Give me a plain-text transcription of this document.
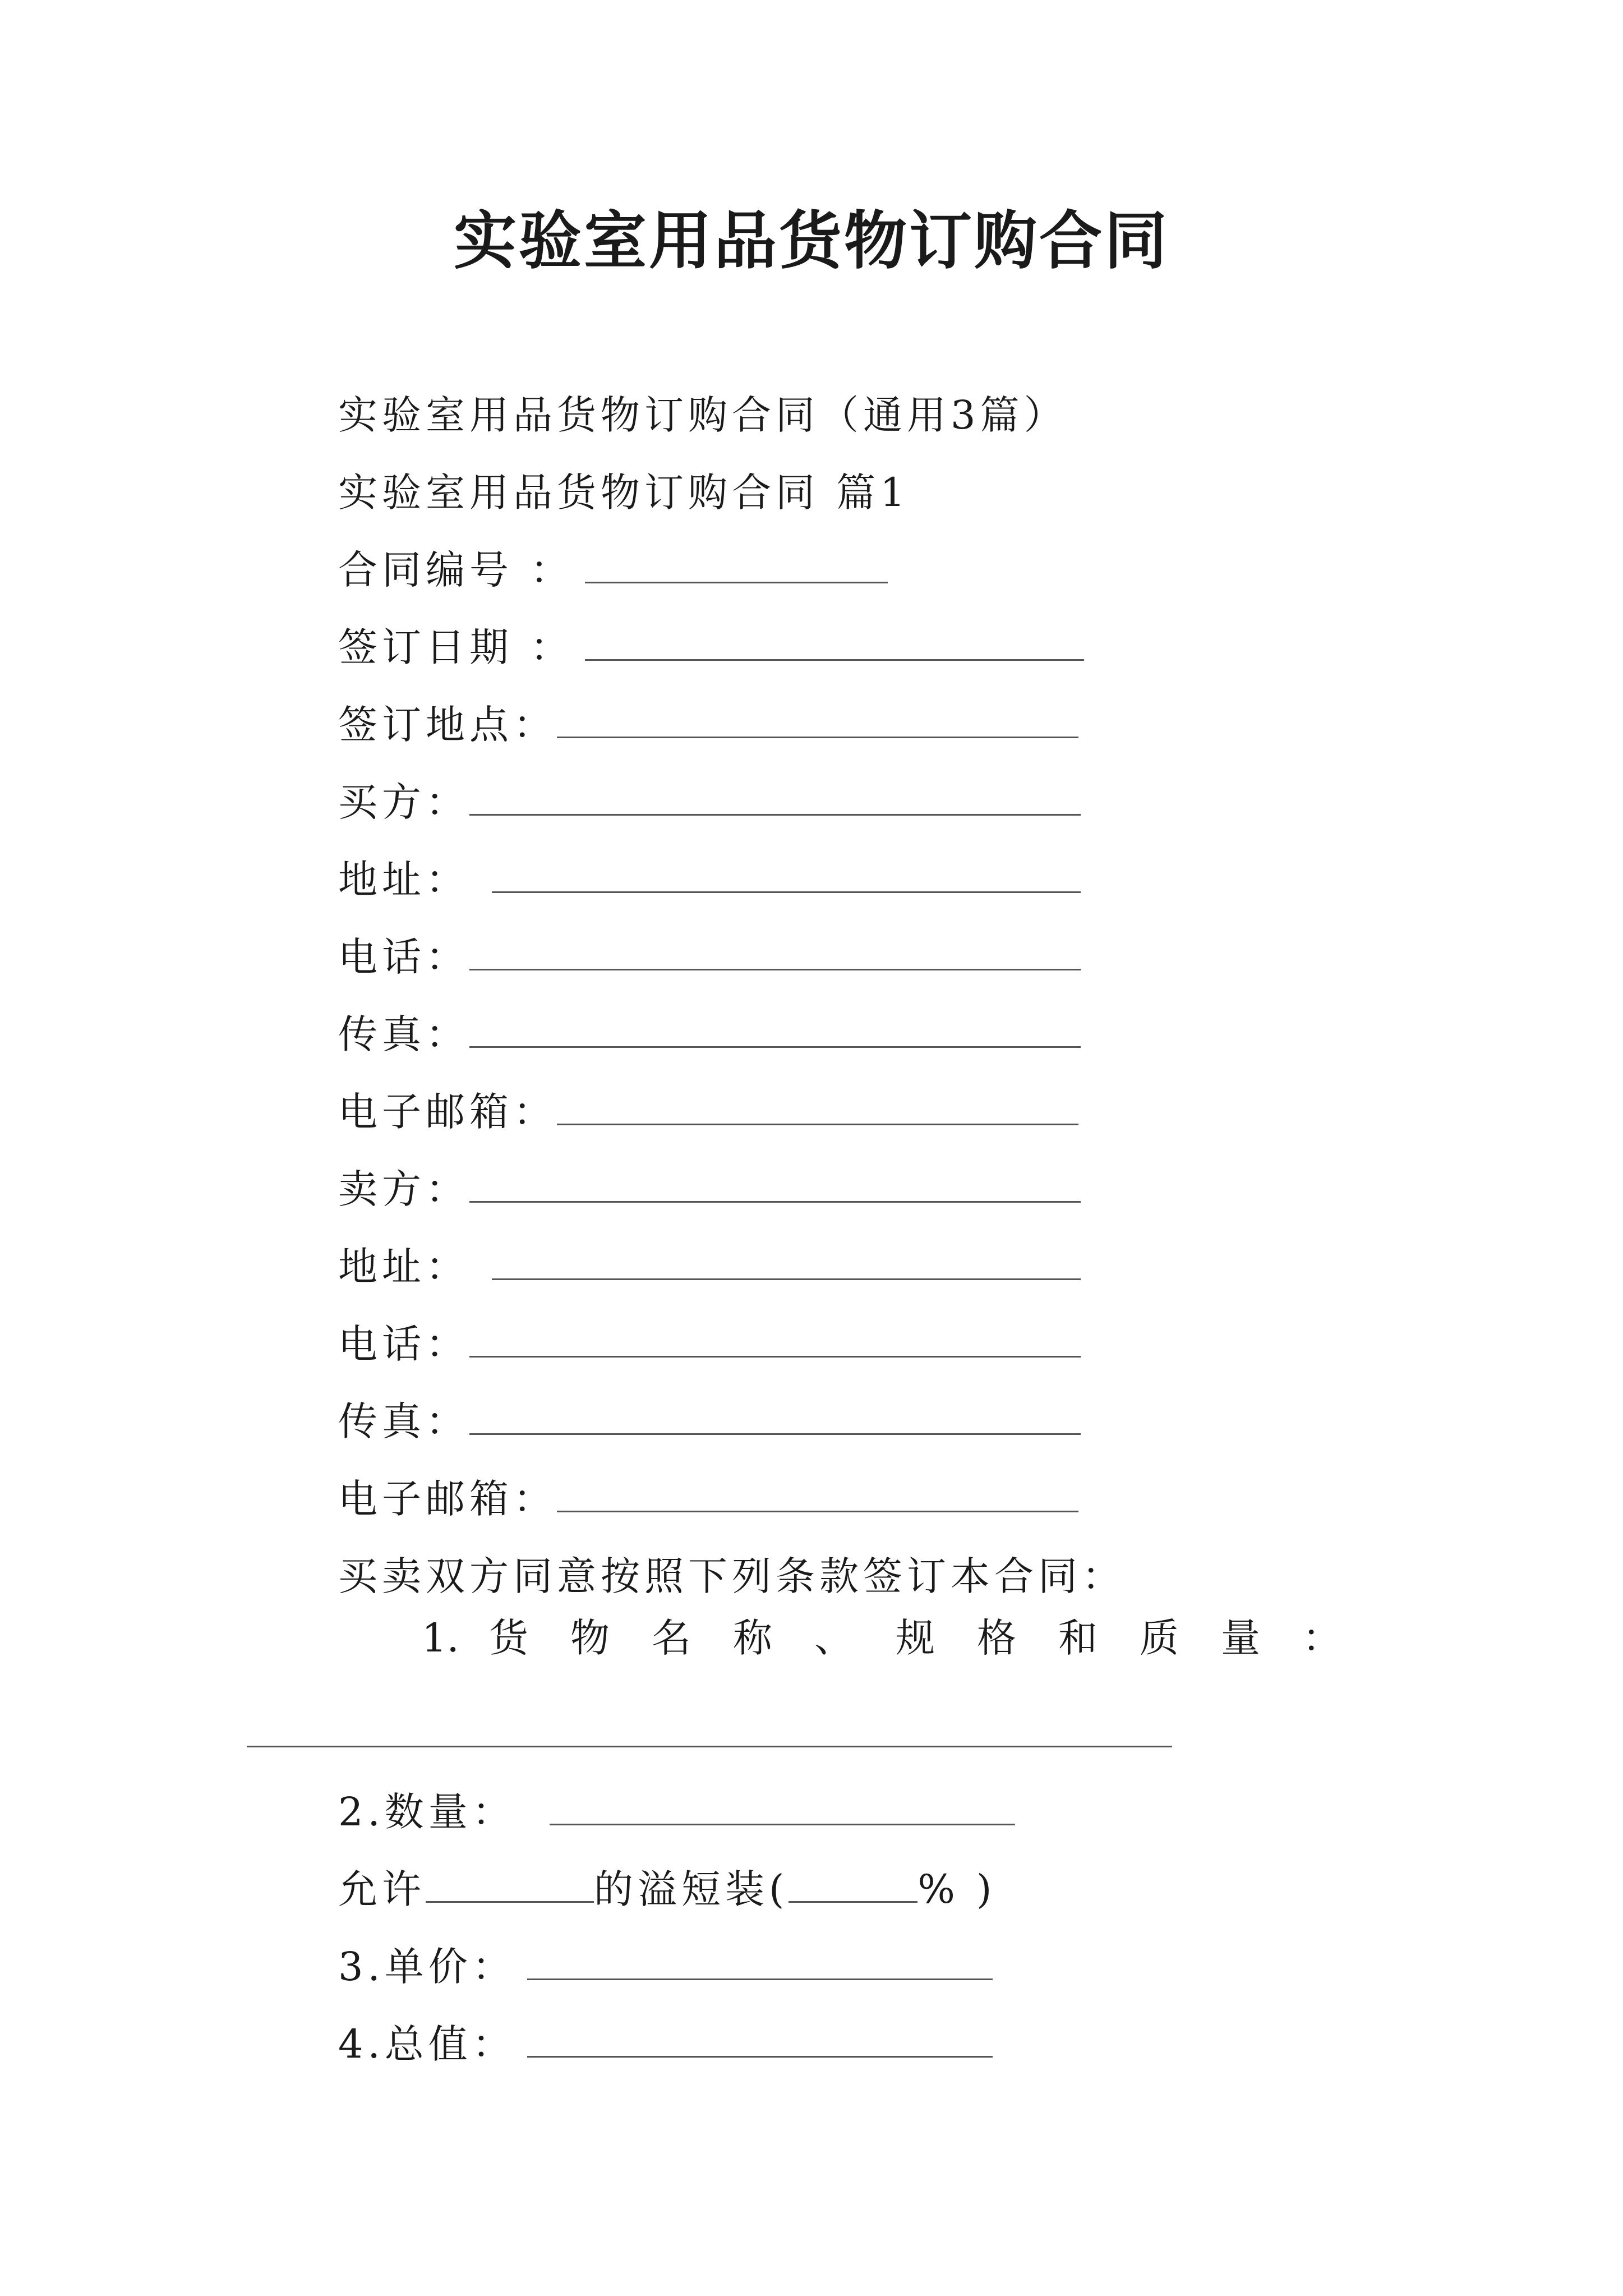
实验室用品货物订购合同
实验室用品货物订购合同（通用3篇）
实验室用品货物订购合同 篇1
合同编号 ：
签订日期 ：
签订地点：
买方：
地址：
电话：
传真：
电子邮箱：
卖方：
地址：
电话：
传真：
电子邮箱：
买卖双方同意按照下列条款签订本合同：
1. 货 物 名 称 、 规 格 和 质 量 ：
2.数量：
允许	的溢短装(	% )
3.单价：
4.总值：
